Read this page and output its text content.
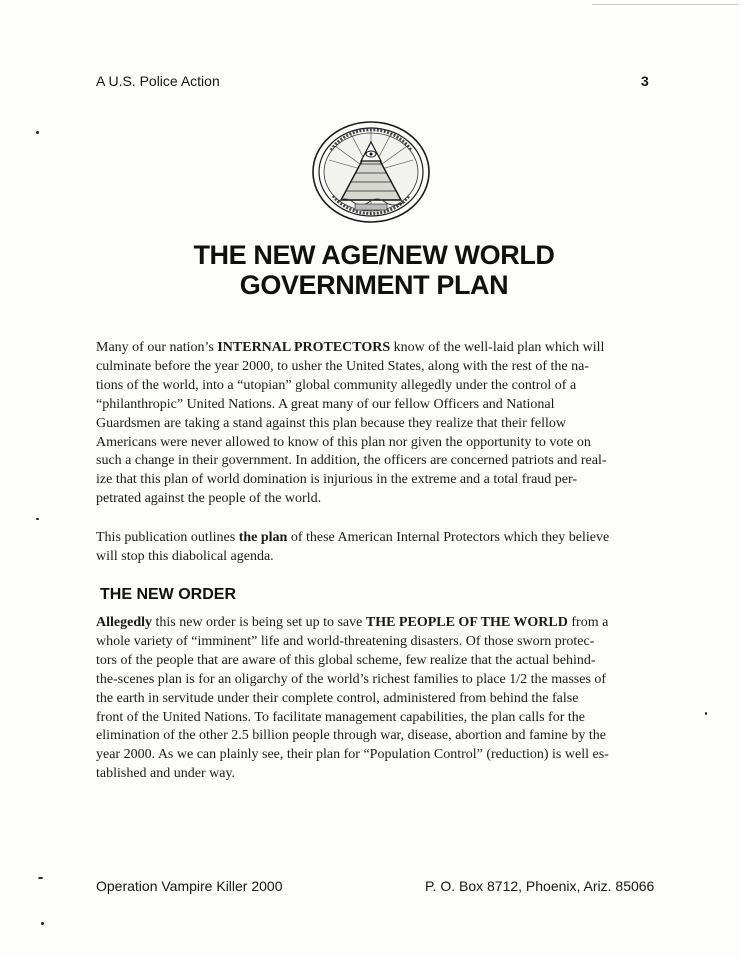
A U.S. Police Action	3
THE NEW AGE/NEW WORLD
GOVERNMENT PLAN
Many of our nation’s INTERNAL PROTECTORS know of the well-laid plan which will
culminate before the year 2000, to usher the United States, along with the rest of the na-
tions of the world, into a “utopian” global community allegedly under the control of a
“philanthropic” United Nations. A great many of our fellow Officers and National
Guardsmen are taking a stand against this plan because they realize that their fellow
Americans were never allowed to know of this plan nor given the opportunity to vote on
such a change in their government. In addition, the officers are concerned patriots and real-
ize that this plan of world domination is injurious in the extreme and a total fraud per-
petrated against the people of the world.
This publication outlines the plan of these American Internal Protectors which they believe
will stop this diabolical agenda.
THE NEW ORDER
Allegedly this new order is being set up to save THE PEOPLE OF THE WORLD from a
whole variety of “imminent” life and world-threatening disasters. Of those sworn protec-
tors of the people that are aware of this global scheme, few realize that the actual behind-
the-scenes plan is for an oligarchy of the world’s richest families to place 1/2 the masses of
the earth in servitude under their complete control, administered from behind the false
front of the United Nations. To facilitate management capabilities, the plan calls for the
elimination of the other 2.5 billion people through war, disease, abortion and famine by the
year 2000. As we can plainly see, their plan for “Population Control” (reduction) is well es-
tablished and under way.
Operation Vampire Killer 2000	P. O. Box 8712, Phoenix, Ariz. 85066
